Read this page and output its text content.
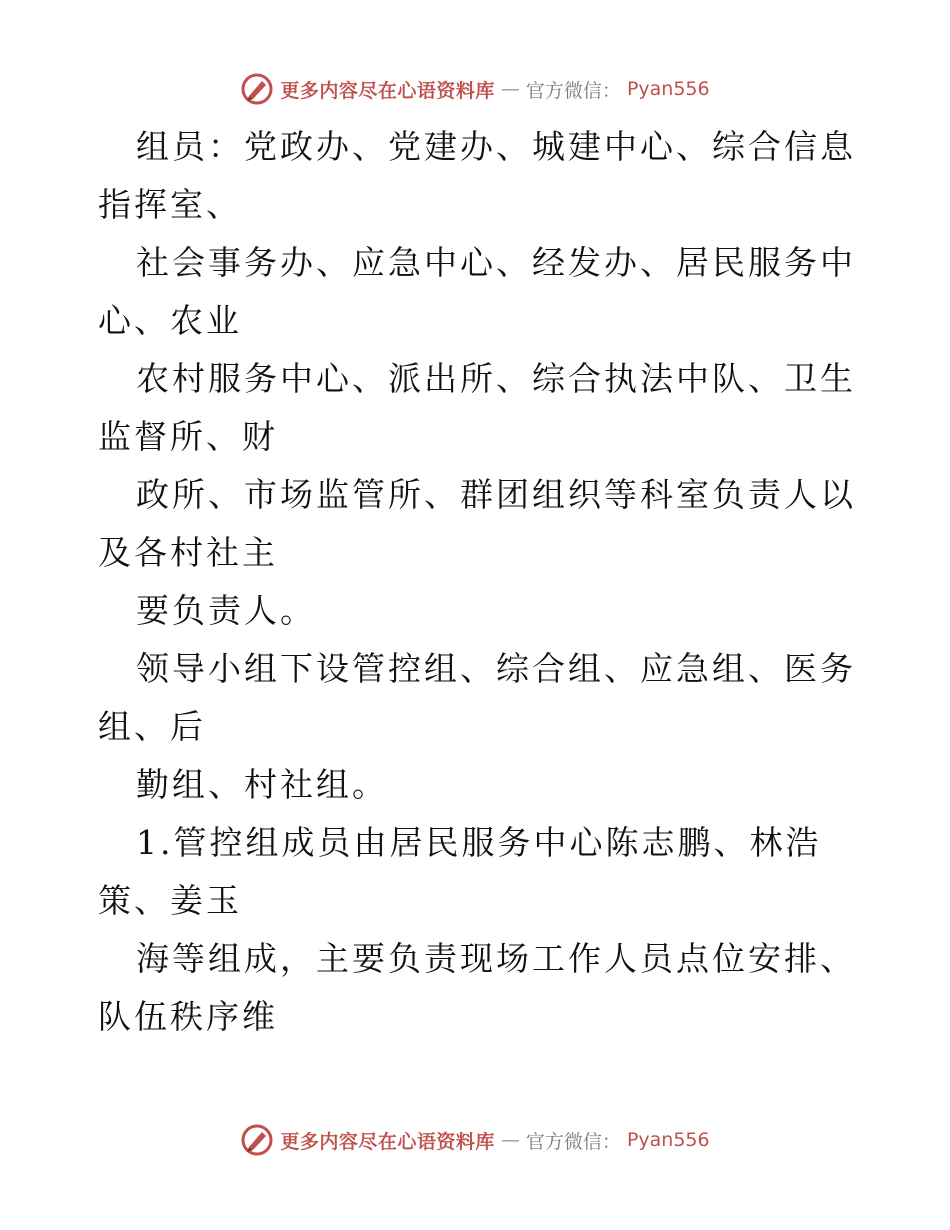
更多内容尽在心语资料库 — 官方微信： Pyan556

组员：党政办、党建办、城建中心、综合信息指挥室、

社会事务办、应急中心、经发办、居民服务中心、农业

农村服务中心、派出所、综合执法中队、卫生监督所、财

政所、市场监管所、群团组织等科室负责人以及各村社主

要负责人。

领导小组下设管控组、综合组、应急组、医务组、后

勤组、村社组。

1.管控组成员由居民服务中心陈志鹏、林浩策、姜玉

海等组成，主要负责现场工作人员点位安排、队伍秩序维

更多内容尽在心语资料库 — 官方微信： Pyan556
